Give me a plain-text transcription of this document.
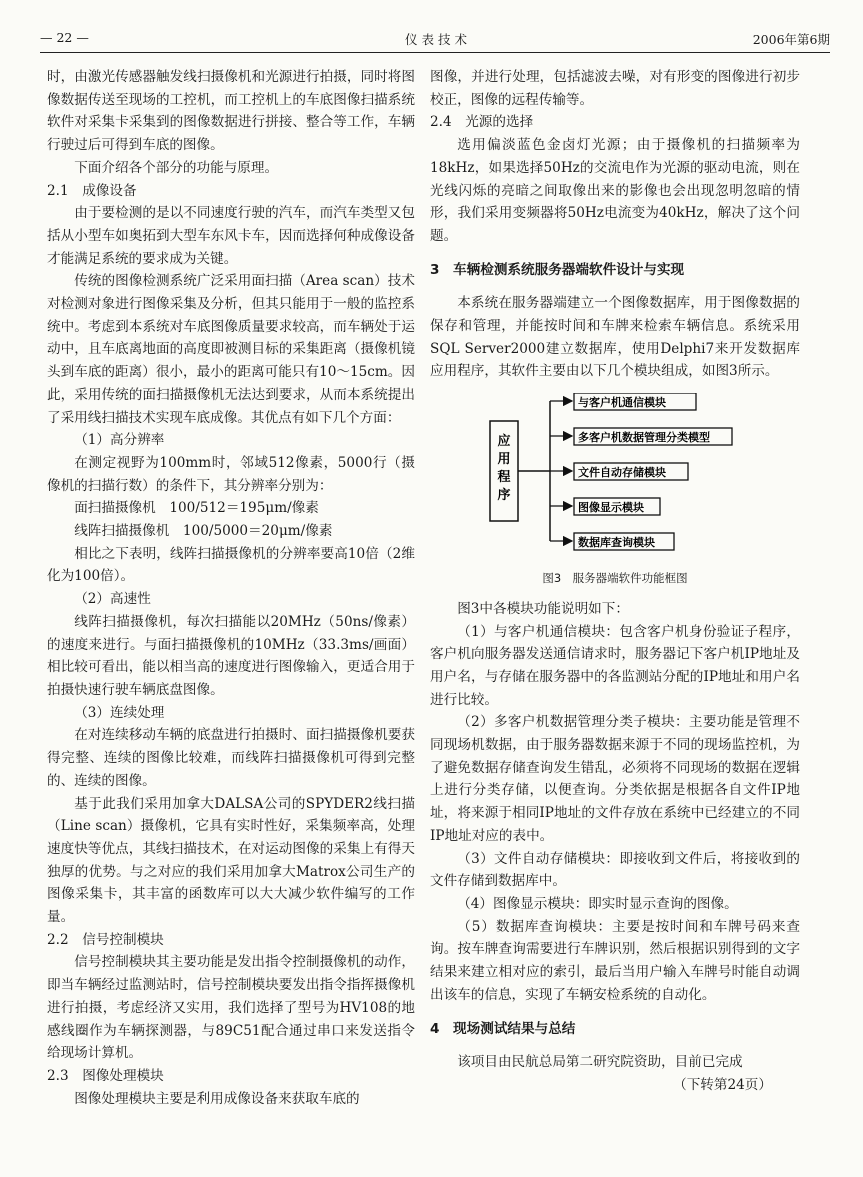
— 22 —	仪表技术	2006年第6期

时，由激光传感器触发线扫摄像机和光源进行拍摄，同时将图像数据传送至现场的工控机，而工控机上的车底图像扫描系统软件对采集卡采集到的图像数据进行拼接、整合等工作，车辆行驶过后可得到车底的图像。

下面介绍各个部分的功能与原理。

2.1　成像设备

由于要检测的是以不同速度行驶的汽车，而汽车类型又包括从小型车如奥拓到大型车东风卡车，因而选择何种成像设备才能满足系统的要求成为关键。

传统的图像检测系统广泛采用面扫描（Area scan）技术对检测对象进行图像采集及分析，但其只能用于一般的监控系统中。考虑到本系统对车底图像质量要求较高，而车辆处于运动中，且车底离地面的高度即被测目标的采集距离（摄像机镜头到车底的距离）很小，最小的距离可能只有10～15cm。因此，采用传统的面扫描摄像机无法达到要求，从而本系统提出了采用线扫描技术实现车底成像。其优点有如下几个方面：

（1）高分辨率

在测定视野为100mm时，邻域512像素，5000行（摄像机的扫描行数）的条件下，其分辨率分别为：

面扫描摄像机　100/512＝195μm/像素

线阵扫描摄像机　100/5000＝20μm/像素

相比之下表明，线阵扫描摄像机的分辨率要高10倍（2维化为100倍）。

（2）高速性

线阵扫描摄像机，每次扫描能以20MHz（50ns/像素）的速度来进行。与面扫描摄像机的10MHz（33.3ms/画面）相比较可看出，能以相当高的速度进行图像输入，更适合用于拍摄快速行驶车辆底盘图像。

（3）连续处理

在对连续移动车辆的底盘进行拍摄时、面扫描摄像机要获得完整、连续的图像比较难，而线阵扫描摄像机可得到完整的、连续的图像。

基于此我们采用加拿大DALSA公司的SPYDER2线扫描（Line scan）摄像机，它具有实时性好，采集频率高，处理速度快等优点，其线扫描技术，在对运动图像的采集上有得天独厚的优势。与之对应的我们采用加拿大Matrox公司生产的图像采集卡，其丰富的函数库可以大大减少软件编写的工作量。

2.2　信号控制模块

信号控制模块其主要功能是发出指令控制摄像机的动作，即当车辆经过监测站时，信号控制模块要发出指令指挥摄像机进行拍摄，考虑经济又实用，我们选择了型号为HV108的地感线圈作为车辆探测器，与89C51配合通过串口来发送指令给现场计算机。

2.3　图像处理模块

图像处理模块主要是利用成像设备来获取车底的

图像，并进行处理，包括滤波去噪，对有形变的图像进行初步校正，图像的远程传输等。

2.4　光源的选择

选用偏淡蓝色金卤灯光源；由于摄像机的扫描频率为18kHz，如果选择50Hz的交流电作为光源的驱动电流，则在光线闪烁的亮暗之间取像出来的影像也会出现忽明忽暗的情形，我们采用变频器将50Hz电流变为40kHz，解决了这个问题。

3　车辆检测系统服务器端软件设计与实现

本系统在服务器端建立一个图像数据库，用于图像数据的保存和管理，并能按时间和车牌来检索车辆信息。系统采用SQL Server2000建立数据库，使用Delphi7来开发数据库应用程序，其软件主要由以下几个模块组成，如图3所示。

应
用
程
序
与客户机通信模块
多客户机数据管理分类模型
文件自动存储模块
图像显示模块
数据库查询模块
图3　服务器端软件功能框图

图3中各模块功能说明如下：

（1）与客户机通信模块：包含客户机身份验证子程序，客户机向服务器发送通信请求时，服务器记下客户机IP地址及用户名，与存储在服务器中的各监测站分配的IP地址和用户名进行比较。

（2）多客户机数据管理分类子模块：主要功能是管理不同现场机数据，由于服务器数据来源于不同的现场监控机，为了避免数据存储查询发生错乱，必须将不同现场的数据在逻辑上进行分类存储，以便查询。分类依据是根据各自文件IP地址，将来源于相同IP地址的文件存放在系统中已经建立的不同IP地址对应的表中。

（3）文件自动存储模块：即接收到文件后，将接收到的文件存储到数据库中。

（4）图像显示模块：即实时显示查询的图像。

（5）数据库查询模块：主要是按时间和车牌号码来查询。按车牌查询需要进行车牌识别，然后根据识别得到的文字结果来建立相对应的索引，最后当用户输入车牌号时能自动调出该车的信息，实现了车辆安检系统的自动化。

4　现场测试结果与总结

该项目由民航总局第二研究院资助，目前已完成

（下转第24页）
